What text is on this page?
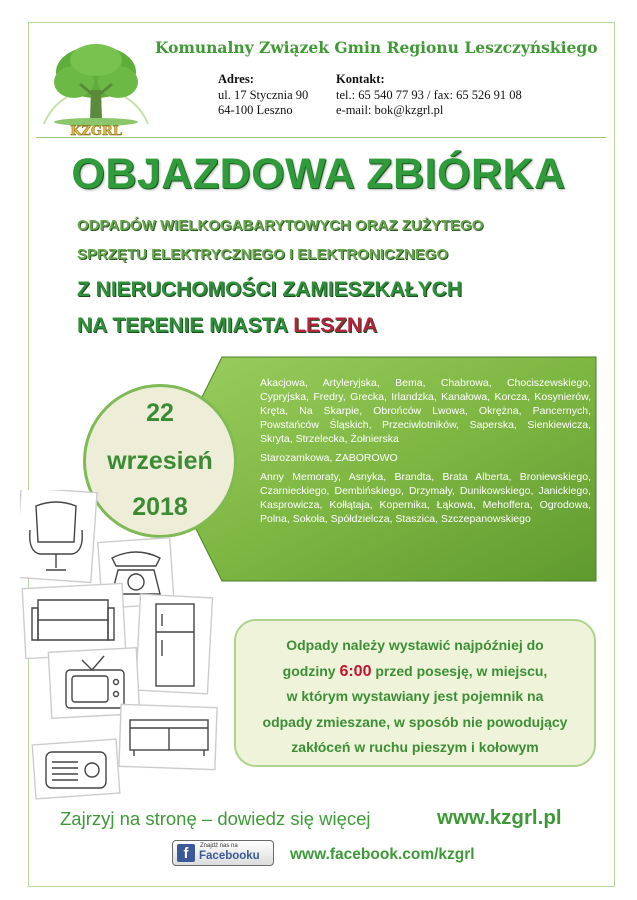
KZGRL
Komunalny Związek Gmin Regionu Leszczyńskiego
Adres:
ul. 17 Stycznia 90
64-100 Leszno
Kontakt:
tel.: 65 540 77 93 / fax: 65 526 91 08
e-mail: bok@kzgrl.pl
OBJAZDOWA ZBIÓRKA
ODPADÓW WIELKOGABARYTOWYCH ORAZ ZUŻYTEGO
SPRZĘTU ELEKTRYCZNEGO I ELEKTRONICZNEGO
Z NIERUCHOMOŚCI ZAMIESZKAŁYCH
NA TERENIE MIASTA LESZNA

Akacjowa, Artyleryjska, Bema, Chabrowa, Chociszewskiego, Cypryjska, Fredry, Grecka, Irlandzka, Kanałowa, Korcza, Kosynierów, Kręta, Na Skarpie, Obrońców Lwowa, Okrężna, Pancernych, Powstańców Śląskich, Przeciwlotników, Saperska, Sienkiewicza, Skryta, Strzelecka, Żołnierska

Starozamkowa, ZABOROWO

Anny Memoraty, Asnyka, Brandta, Brata Alberta, Broniewskiego, Czarnieckiego, Dembińskiego, Drzymały, Dunikowskiego, Janickiego, Kasprowicza, Kołłątaja, Kopernika, Łąkowa, Mehoffera, Ogrodowa, Polna, Sokoła, Spółdzielcza, Staszica, Szczepanowskiego

22
wrzesień
2018
Odpady należy wystawić najpóźniej do
godziny 6:00 przed posesję, w miejscu,
w którym wystawiany jest pojemnik na
odpady zmieszane, w sposób nie powodujący
zakłóceń w ruchu pieszym i kołowym
Zajrzyj na stronę – dowiedz się więcej	www.kzgrl.pl
f	Znajdź nas na
Facebooku www.facebook.com/kzgrl
